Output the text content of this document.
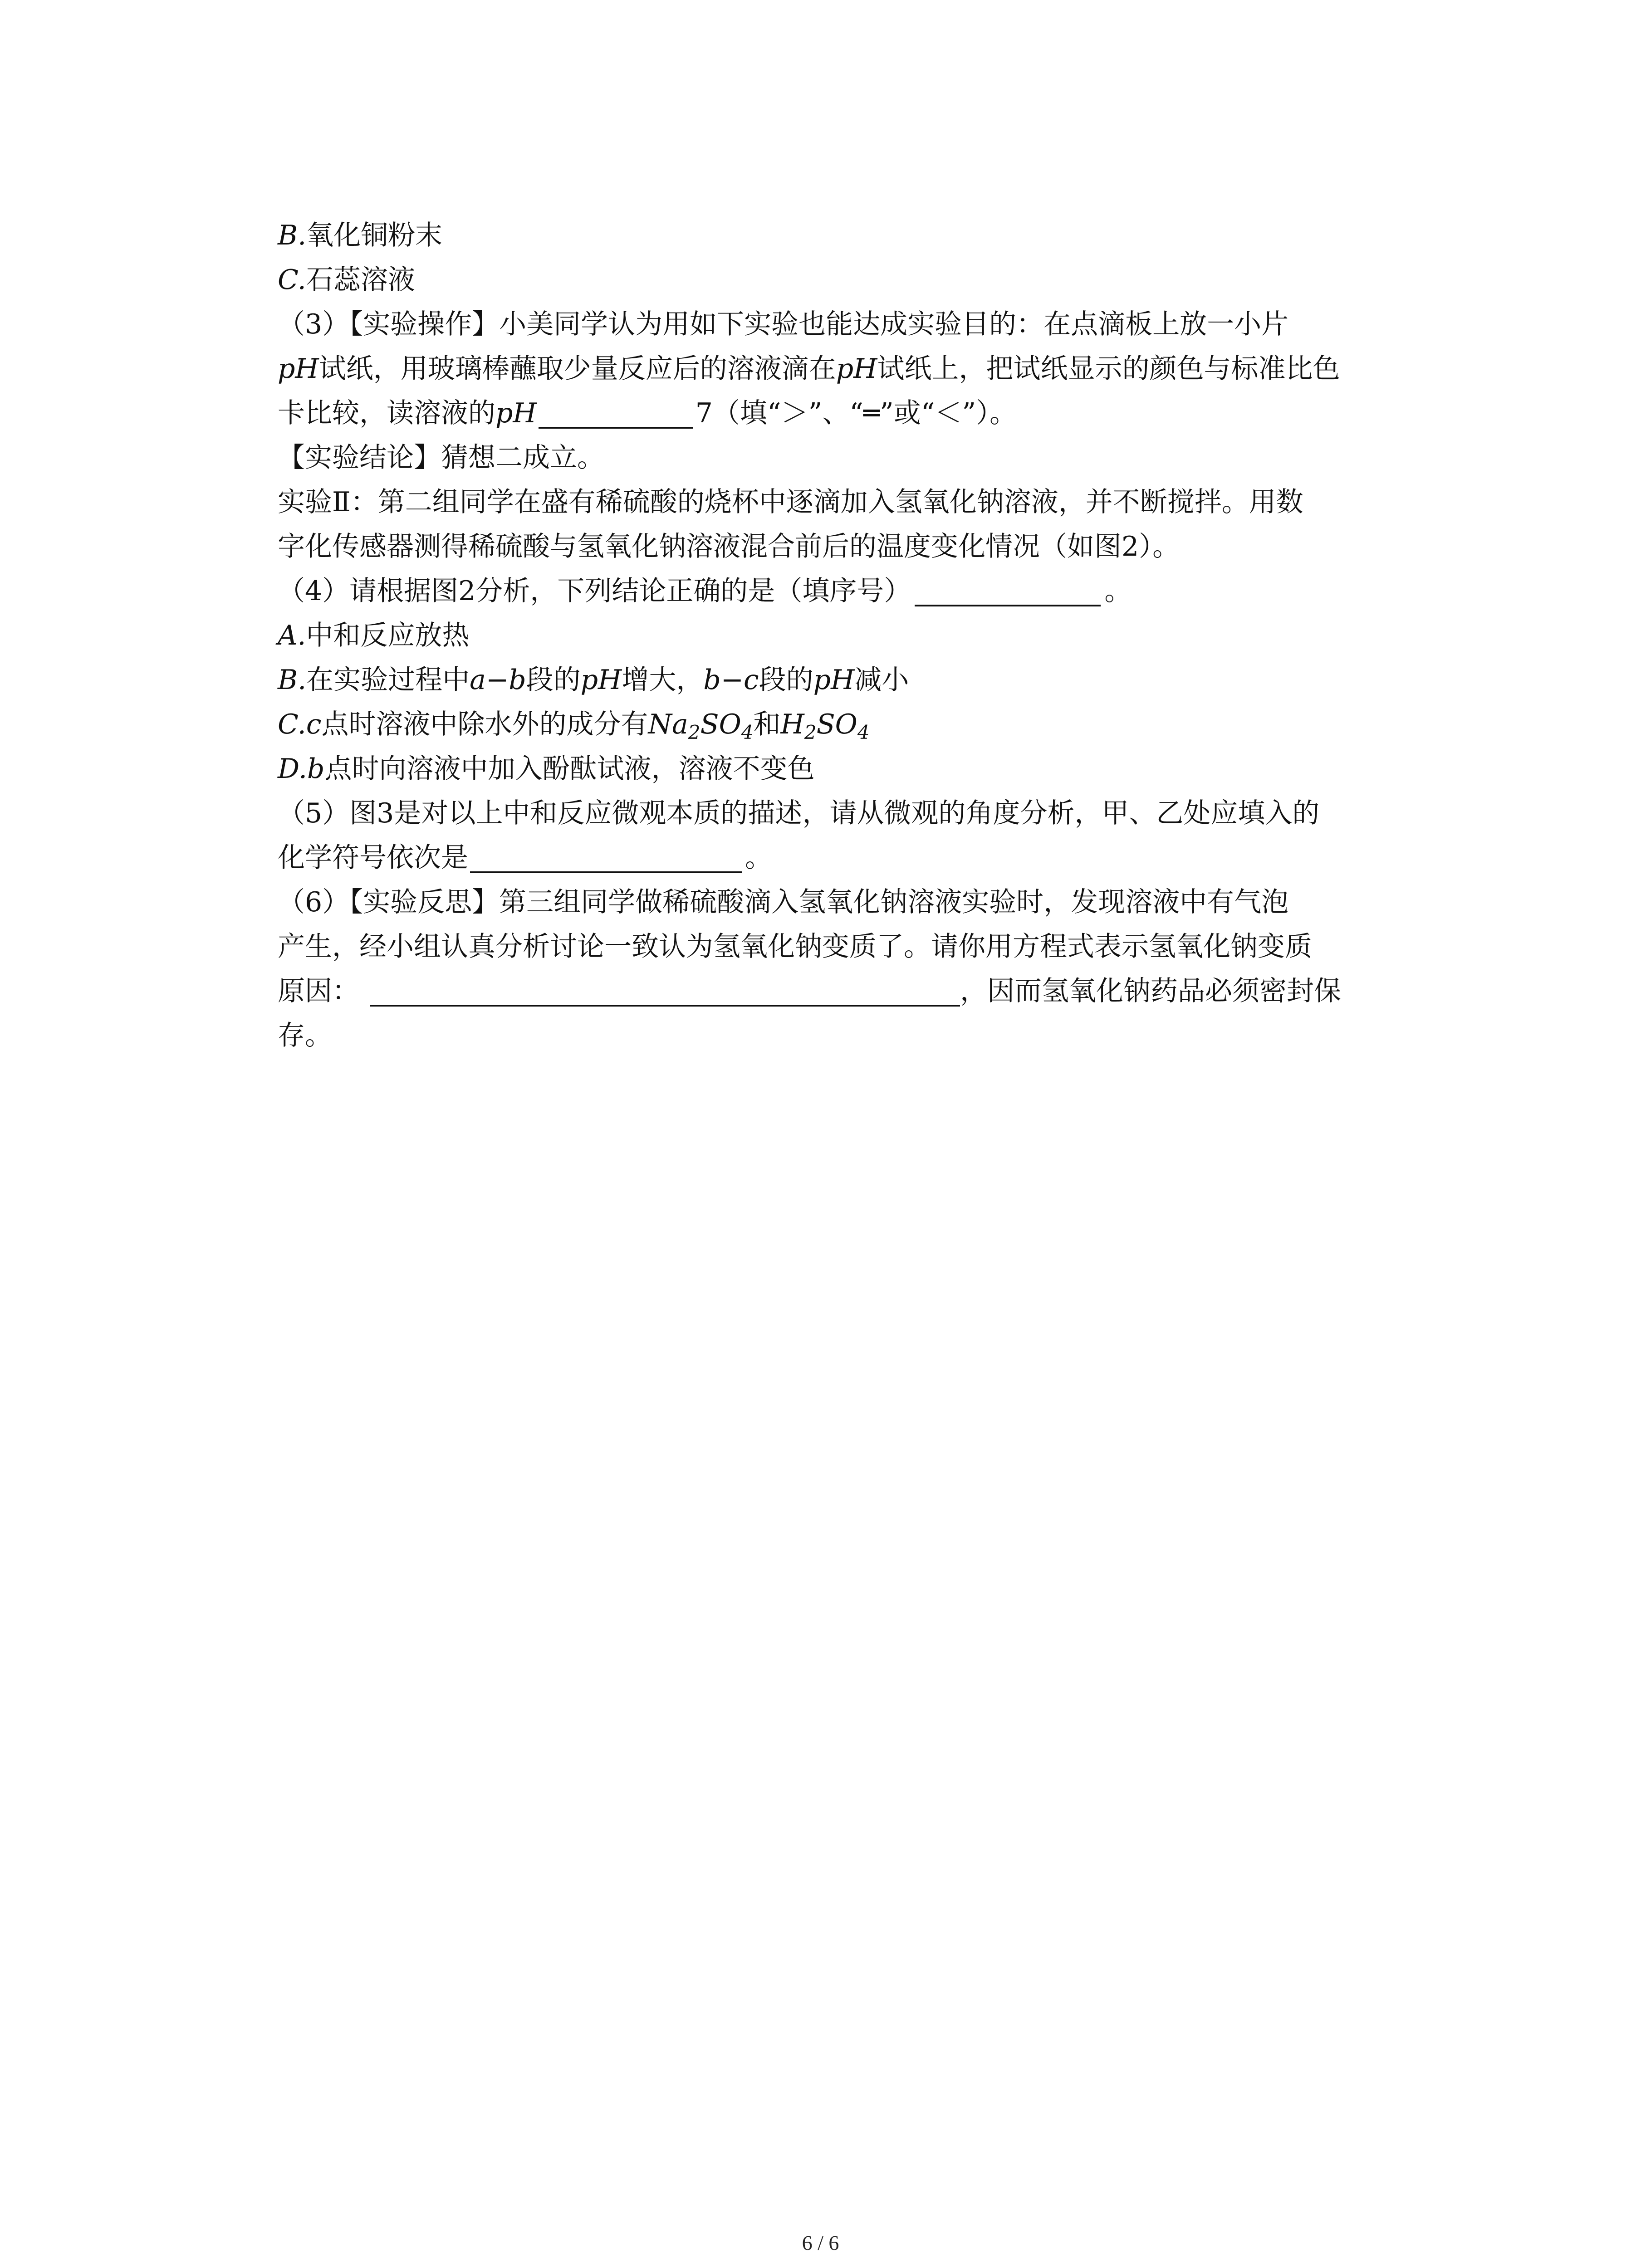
B.氧化铜粉末
C.石蕊溶液
（3）【实验操作】小美同学认为用如下实验也能达成实验目的：在点滴板上放一小片
pH试纸，用玻璃棒蘸取少量反应后的溶液滴在pH试纸上，把试纸显示的颜色与标准比色
卡比较，读溶液的pH	7（填“＞”、“═”或“＜”）。
【实验结论】猜想二成立。
实验Ⅱ：第二组同学在盛有稀硫酸的烧杯中逐滴加入氢氧化钠溶液，并不断搅拌。用数
字化传感器测得稀硫酸与氢氧化钠溶液混合前后的温度变化情况（如图2）。
（4）请根据图2分析，下列结论正确的是（填序号）	。
A.中和反应放热
B.在实验过程中a−b段的pH增大，b−c段的pH减小
C.c点时溶液中除水外的成分有$Na_2SO_4$和$H_2SO_4$
D.b点时向溶液中加入酚酞试液，溶液不变色
（5）图3是对以上中和反应微观本质的描述，请从微观的角度分析，甲、乙处应填入的
化学符号依次是	。
（6）【实验反思】第三组同学做稀硫酸滴入氢氧化钠溶液实验时，发现溶液中有气泡
产生，经小组认真分析讨论一致认为氢氧化钠变质了。请你用方程式表示氢氧化钠变质
原因：	，因而氢氧化钠药品必须密封保
存。
6 / 6
